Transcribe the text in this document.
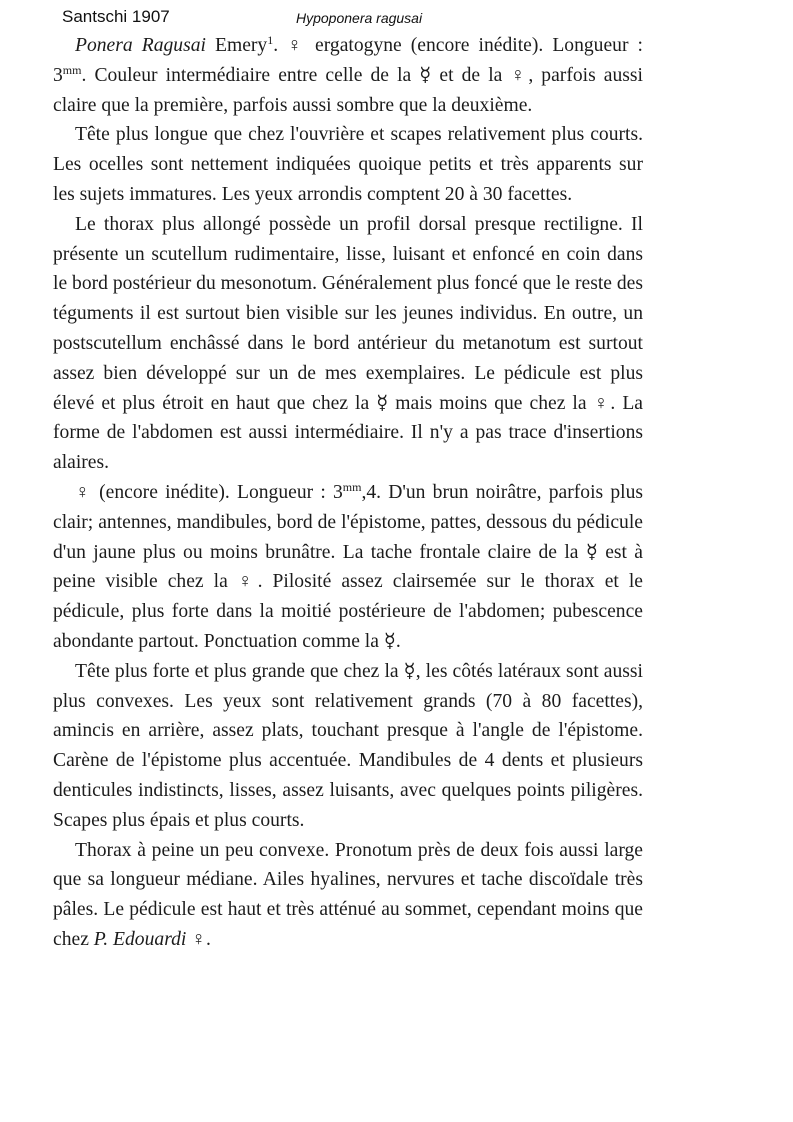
Santschi 1907	Hypoponera ragusai

Ponera Ragusai Emery$^1$. ♀ ergatogyne (encore inédite). Longueur : $3^{mm}$. Couleur intermédiaire entre celle de la ☿ et de la ♀, parfois aussi claire que la première, parfois aussi sombre que la deuxième.

Tête plus longue que chez l'ouvrière et scapes relativement plus courts. Les ocelles sont nettement indiquées quoique petits et très apparents sur les sujets immatures. Les yeux arrondis comptent 20 à 30 facettes.

Le thorax plus allongé possède un profil dorsal presque rectiligne. Il présente un scutellum rudimentaire, lisse, luisant et enfoncé en coin dans le bord postérieur du mesonotum. Généralement plus foncé que le reste des téguments il est surtout bien visible sur les jeunes individus. En outre, un postscutellum enchâssé dans le bord antérieur du metanotum est surtout assez bien développé sur un de mes exemplaires. Le pédicule est plus élevé et plus étroit en haut que chez la ☿ mais moins que chez la ♀. La forme de l'abdomen est aussi intermédiaire. Il n'y a pas trace d'insertions alaires.

♀ (encore inédite). Longueur : $3^{mm},4$. D'un brun noirâtre, parfois plus clair; antennes, mandibules, bord de l'épistome, pattes, dessous du pédicule d'un jaune plus ou moins brunâtre. La tache frontale claire de la ☿ est à peine visible chez la ♀. Pilosité assez clairsemée sur le thorax et le pédicule, plus forte dans la moitié postérieure de l'abdomen; pubescence abondante partout. Ponctuation comme la ☿.

Tête plus forte et plus grande que chez la ☿, les côtés latéraux sont aussi plus convexes. Les yeux sont relativement grands (70 à 80 facettes), amincis en arrière, assez plats, touchant presque à l'angle de l'épistome. Carène de l'épistome plus accentuée. Mandibules de 4 dents et plusieurs denticules indistincts, lisses, assez luisants, avec quelques points piligères. Scapes plus épais et plus courts.

Thorax à peine un peu convexe. Pronotum près de deux fois aussi large que sa longueur médiane. Ailes hyalines, nervures et tache discoïdale très pâles. Le pédicule est haut et très atténué au sommet, cependant moins que chez P. Edouardi ♀.
